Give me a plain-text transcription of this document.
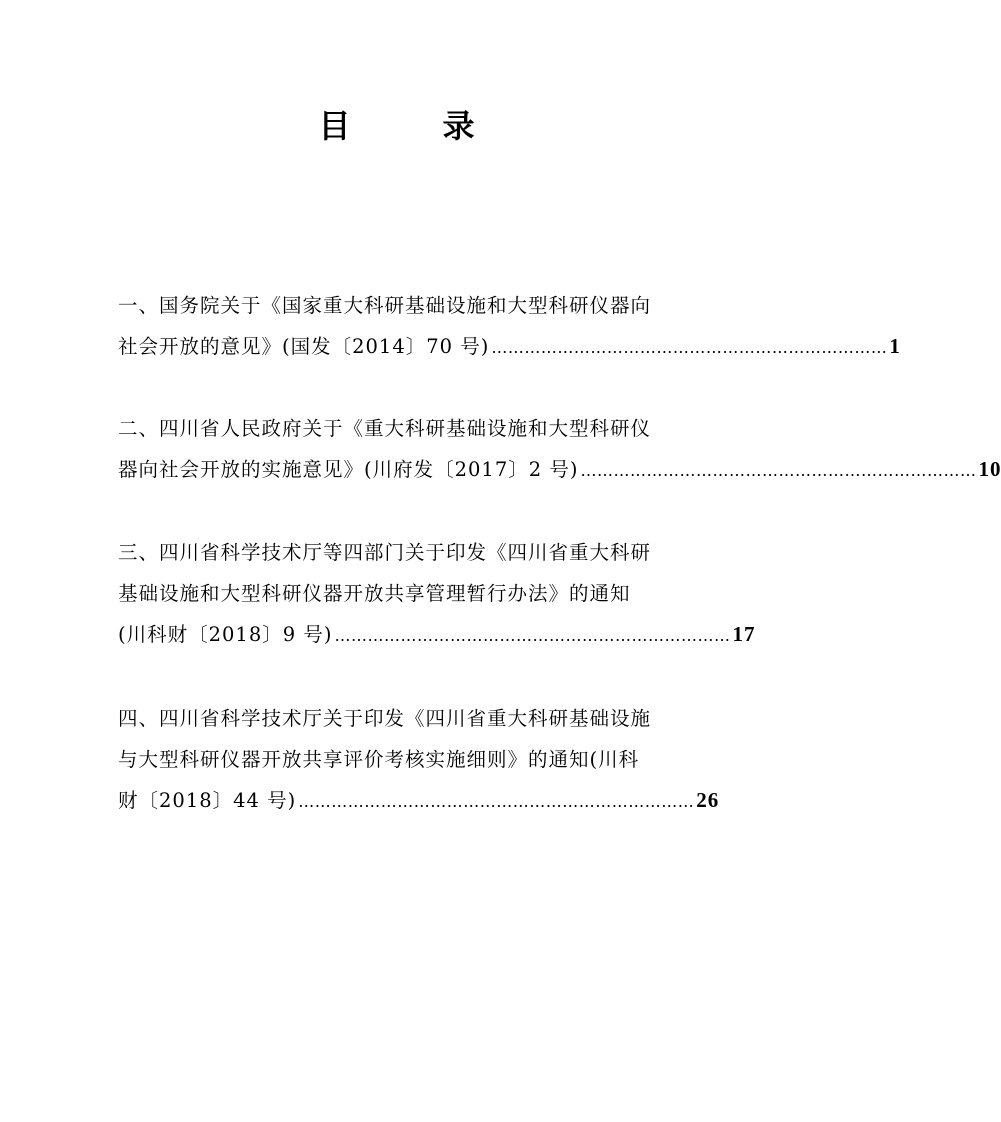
目　录
一、国务院关于《国家重大科研基础设施和大型科研仪器向
社会开放的意见》(国发〔2014〕70 号) ……………………………………………………………… 1
二、四川省人民政府关于《重大科研基础设施和大型科研仪
器向社会开放的实施意见》(川府发〔2017〕2 号) ……………………………………………………………… 10
三、四川省科学技术厅等四部门关于印发《四川省重大科研
基础设施和大型科研仪器开放共享管理暂行办法》的通知
(川科财〔2018〕9 号) ……………………………………………………………… 17
四、四川省科学技术厅关于印发《四川省重大科研基础设施
与大型科研仪器开放共享评价考核实施细则》的通知(川科
财〔2018〕44 号) ……………………………………………………………… 26
